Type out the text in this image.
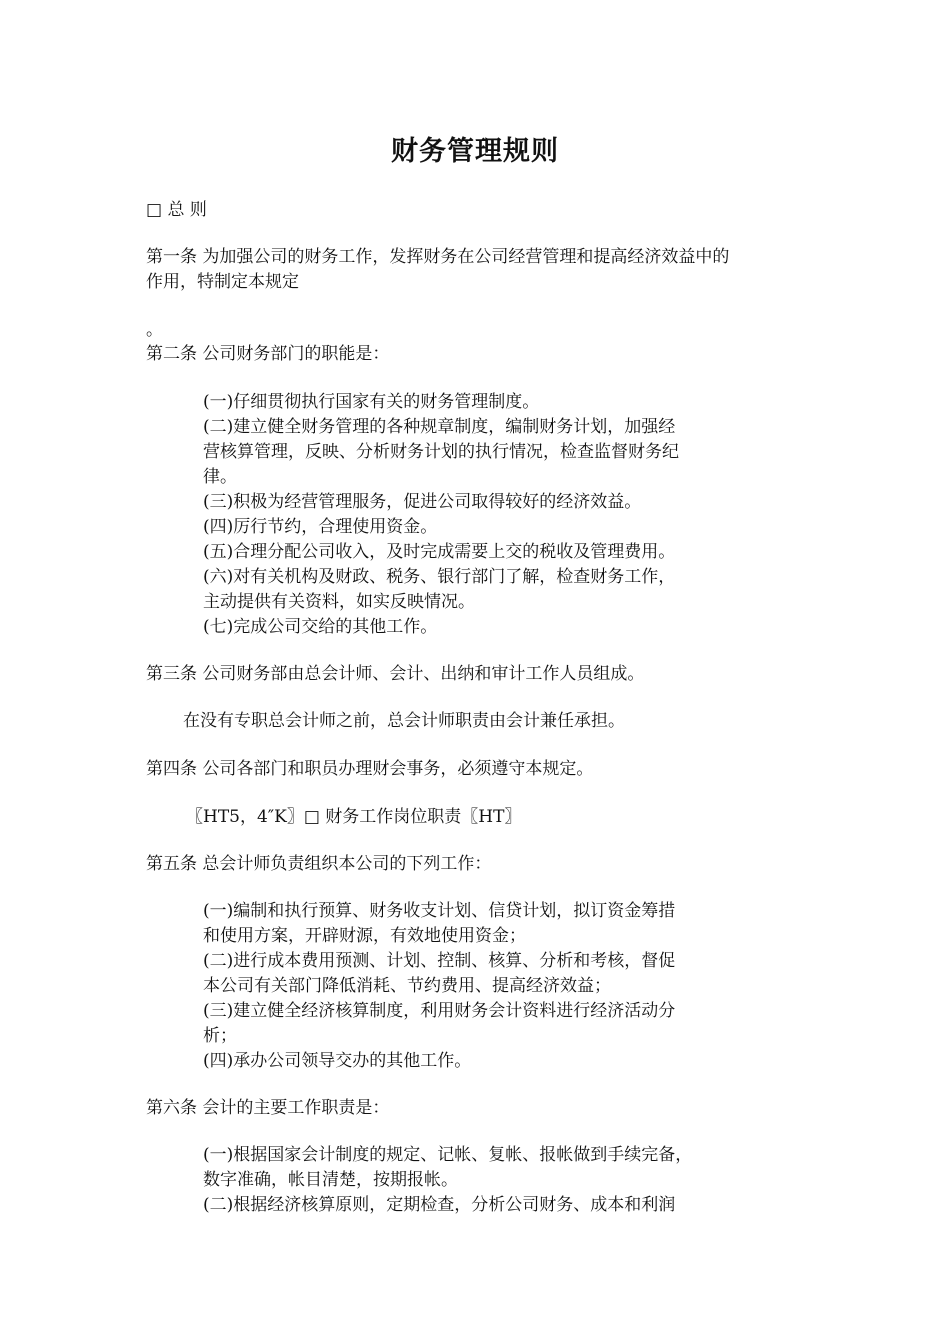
财务管理规则
□ 总 则
第一条 为加强公司的财务工作，发挥财务在公司经营管理和提高经济效益中的
作用，特制定本规定
。
第二条 公司财务部门的职能是：
(一)仔细贯彻执行国家有关的财务管理制度。
(二)建立健全财务管理的各种规章制度，编制财务计划，加强经
营核算管理，反映、分析财务计划的执行情况，检查监督财务纪
律。
(三)积极为经营管理服务，促进公司取得较好的经济效益。
(四)厉行节约，合理使用资金。
(五)合理分配公司收入，及时完成需要上交的税收及管理费用。
(六)对有关机构及财政、税务、银行部门了解，检查财务工作，
主动提供有关资料，如实反映情况。
(七)完成公司交给的其他工作。
第三条 公司财务部由总会计师、会计、出纳和审计工作人员组成。
在没有专职总会计师之前，总会计师职责由会计兼任承担。
第四条 公司各部门和职员办理财会事务，必须遵守本规定。
〖HT5，4″K〗□ 财务工作岗位职责〖HT〗
第五条 总会计师负责组织本公司的下列工作：
(一)编制和执行预算、财务收支计划、信贷计划，拟订资金筹措
和使用方案，开辟财源，有效地使用资金；
(二)进行成本费用预测、计划、控制、核算、分析和考核，督促
本公司有关部门降低消耗、节约费用、提高经济效益；
(三)建立健全经济核算制度，利用财务会计资料进行经济活动分
析；
(四)承办公司领导交办的其他工作。
第六条 会计的主要工作职责是：
(一)根据国家会计制度的规定、记帐、复帐、报帐做到手续完备，
数字准确，帐目清楚，按期报帐。
(二)根据经济核算原则，定期检查，分析公司财务、成本和利润
